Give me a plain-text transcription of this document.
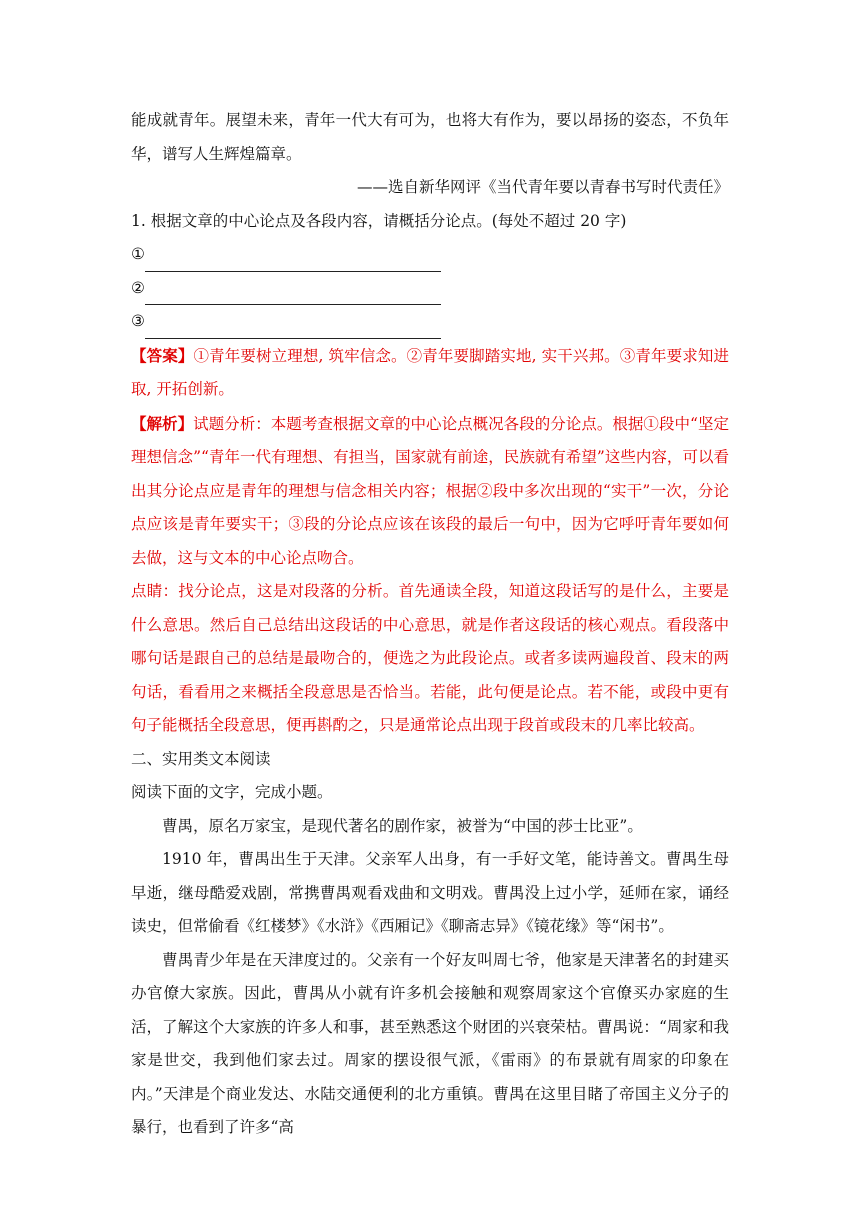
能成就青年。展望未来，青年一代大有可为，也将大有作为，要以昂扬的姿态，不负年华，谱写人生辉煌篇章。

——选自新华网评《当代青年要以青春书写时代责任》

1. 根据文章的中心论点及各段内容，请概括分论点。(每处不超过 20 字)

①

②

③

【答案】①青年要树立理想, 筑牢信念。②青年要脚踏实地, 实干兴邦。③青年要求知进取, 开拓创新。

【解析】试题分析：本题考查根据文章的中心论点概况各段的分论点。根据①段中“坚定理想信念”“青年一代有理想、有担当，国家就有前途，民族就有希望”这些内容，可以看出其分论点应是青年的理想与信念相关内容；根据②段中多次出现的“实干”一次，分论点应该是青年要实干；③段的分论点应该在该段的最后一句中，因为它呼吁青年要如何去做，这与文本的中心论点吻合。

点睛：找分论点，这是对段落的分析。首先通读全段，知道这段话写的是什么，主要是什么意思。然后自己总结出这段话的中心意思，就是作者这段话的核心观点。看段落中哪句话是跟自己的总结是最吻合的，便选之为此段论点。或者多读两遍段首、段末的两句话，看看用之来概括全段意思是否恰当。若能，此句便是论点。若不能，或段中更有句子能概括全段意思，便再斟酌之，只是通常论点出现于段首或段末的几率比较高。

二、实用类文本阅读

阅读下面的文字，完成小题。

曹禺，原名万家宝，是现代著名的剧作家，被誉为“中国的莎士比亚”。

1910 年，曹禺出生于天津。父亲军人出身，有一手好文笔，能诗善文。曹禺生母早逝，继母酷爱戏剧，常携曹禺观看戏曲和文明戏。曹禺没上过小学，延师在家，诵经读史，但常偷看《红楼梦》《水浒》《西厢记》《聊斋志异》《镜花缘》等“闲书”。

曹禺青少年是在天津度过的。父亲有一个好友叫周七爷，他家是天津著名的封建买办官僚大家族。因此，曹禺从小就有许多机会接触和观察周家这个官僚买办家庭的生活，了解这个大家族的许多人和事，甚至熟悉这个财团的兴衰荣枯。曹禺说：“周家和我家是世交，我到他们家去过。周家的摆设很气派，《雷雨》的布景就有周家的印象在内。”天津是个商业发达、水陆交通便利的北方重镇。曹禺在这里目睹了帝国主义分子的暴行，也看到了许多“高
